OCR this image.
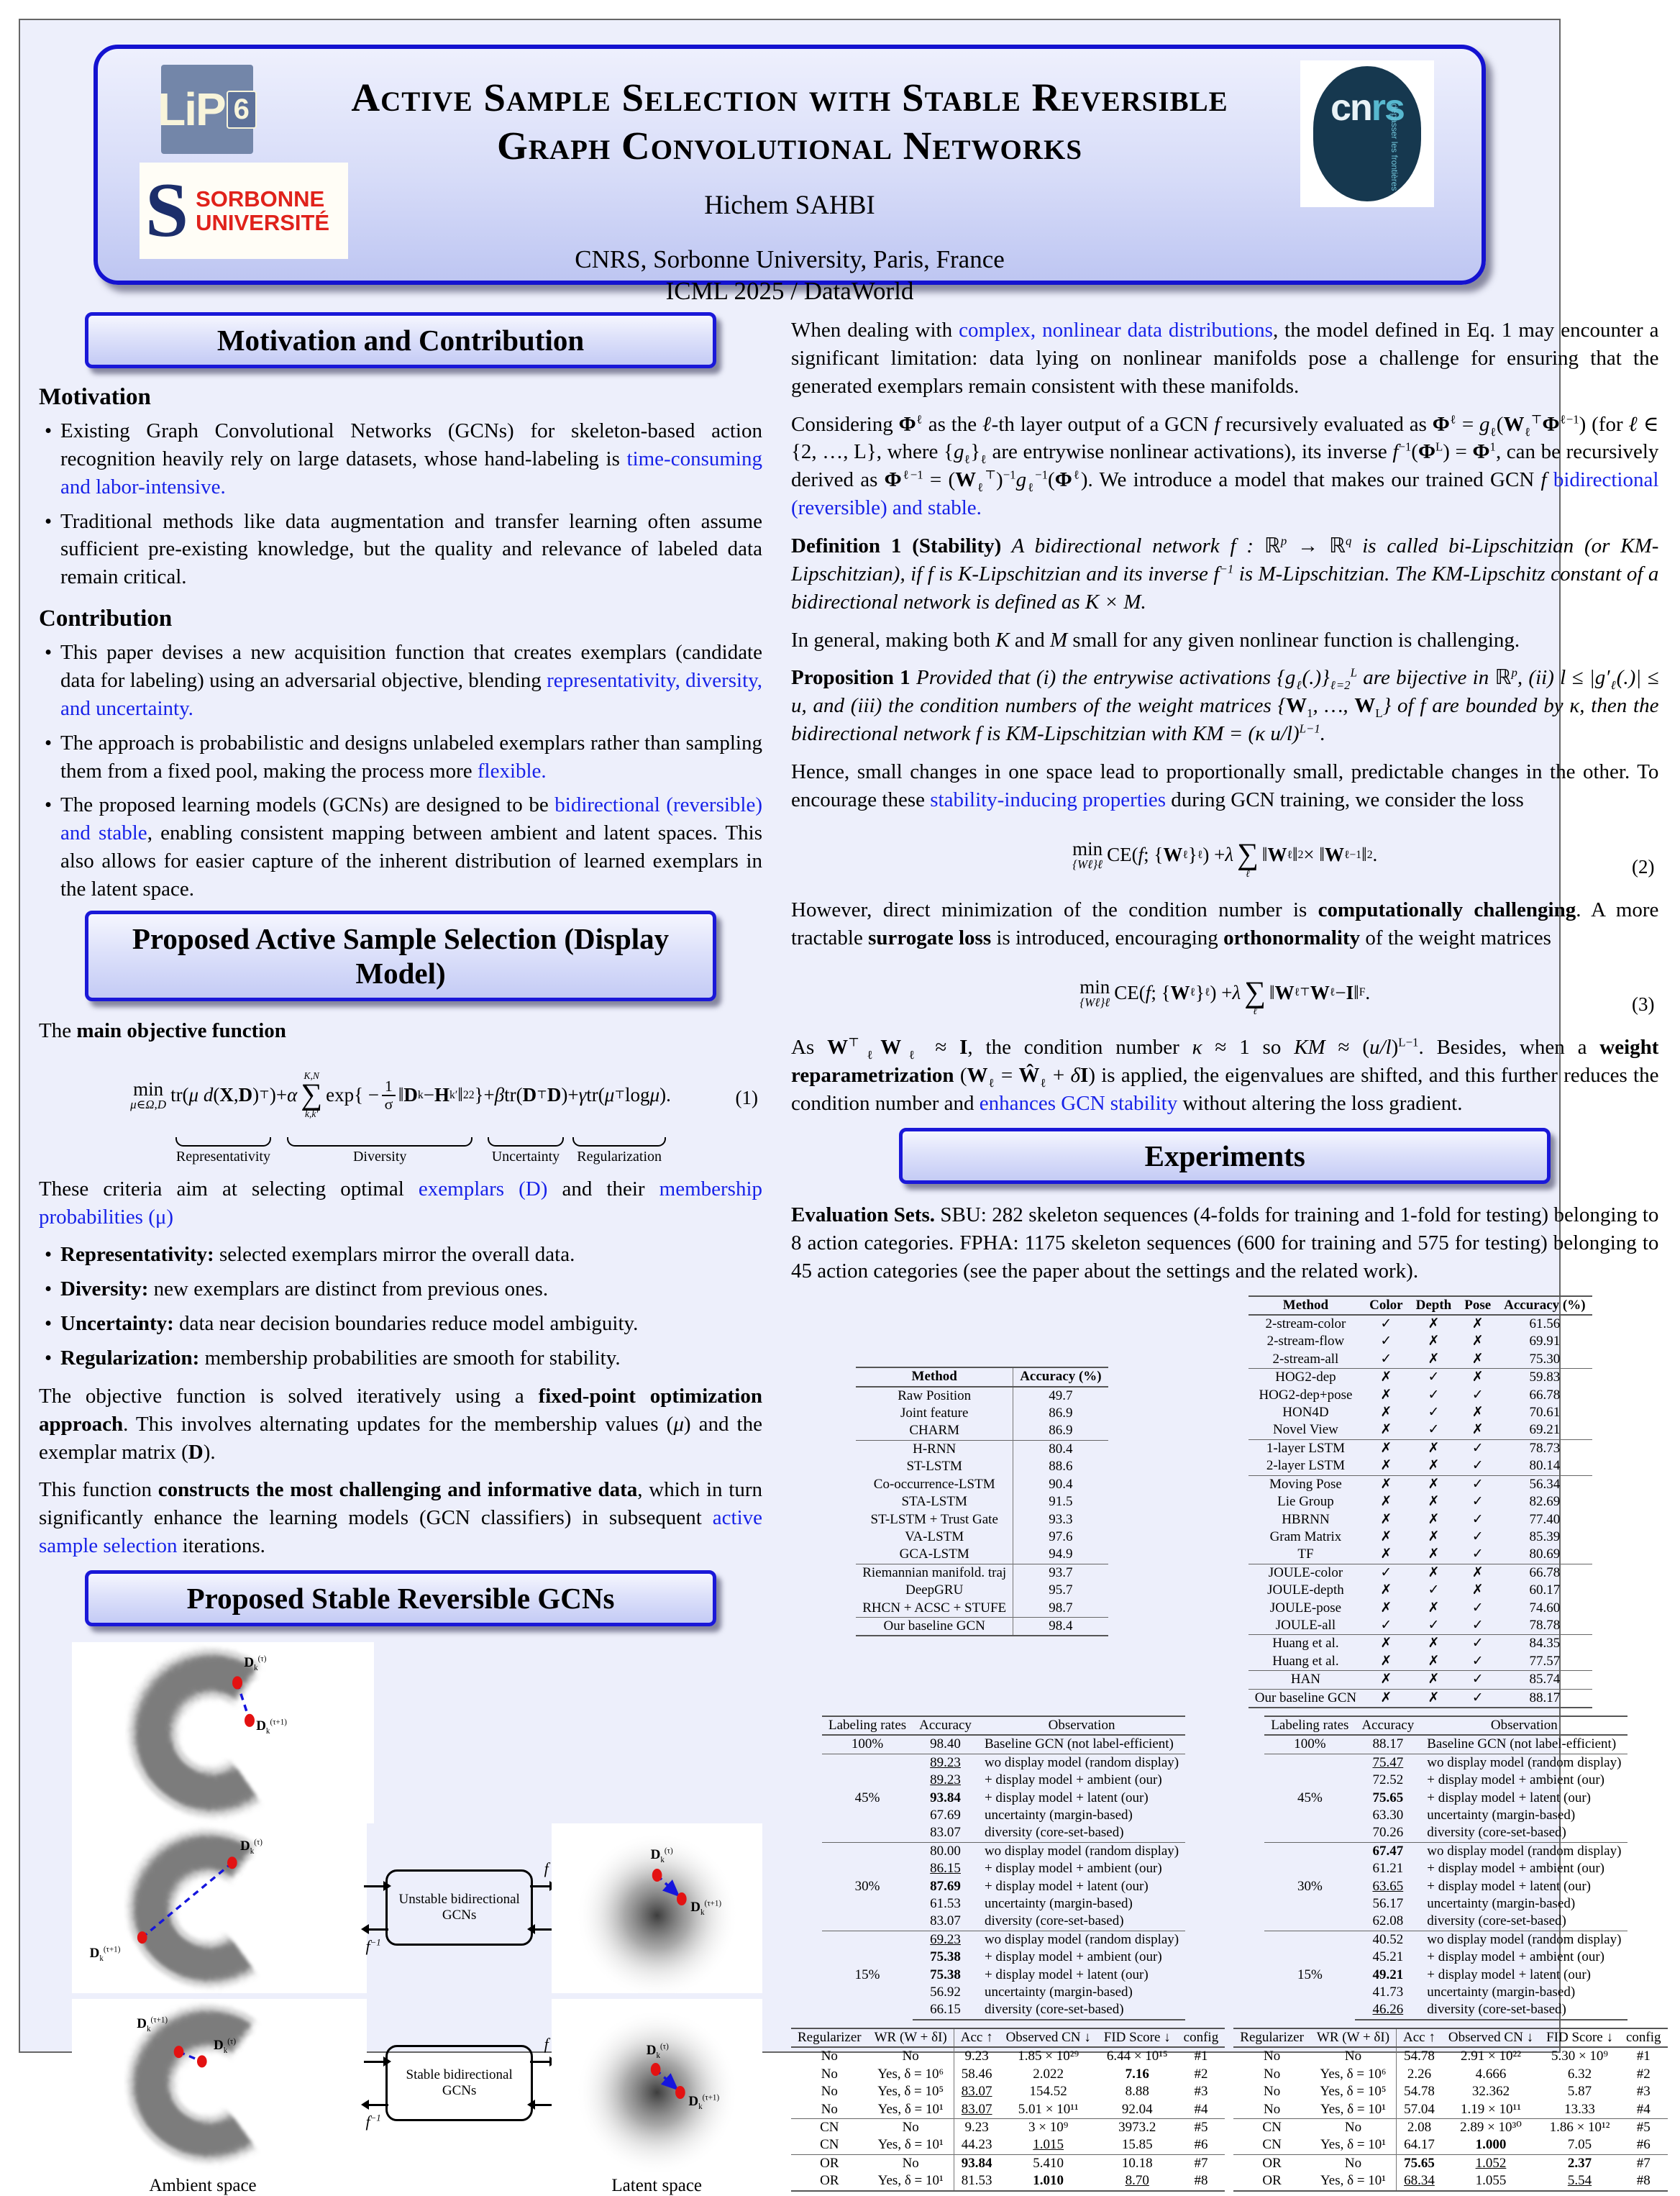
LiP 6
S SORBONNE
UNIVERSITÉ
cnrs
dépasser les frontières
Active Sample Selection with Stable Reversible
Graph Convolutional Networks
Hichem SAHBI
CNRS, Sorbonne University, Paris, France
ICML 2025 / DataWorld
Motivation and Contribution
Motivation
• Existing Graph Convolutional Networks (GCNs) for skeleton-based action recognition heavily rely on large datasets, whose hand-labeling is time-consuming and labor-intensive.
• Traditional methods like data augmentation and transfer learning often assume sufficient pre-existing knowledge, but the quality and relevance of labeled data remain critical.
Contribution
• This paper devises a new acquisition function that creates exemplars (candidate data for labeling) using an adversarial objective, blending representativity, diversity, and uncertainty.
• The approach is probabilistic and designs unlabeled exemplars rather than sampling them from a fixed pool, making the process more flexible.
• The proposed learning models (GCNs) are designed to be bidirectional (reversible) and stable, enabling consistent mapping between ambient and latent spaces. This also allows for easier capture of the inherent distribution of learned exemplars in the latent space.
Proposed Active Sample Selection (Display Model)
The main objective function
min
μ∈Ω,D tr( μ d ( X , D ) ⊤ )
Representativity
+ α
K,N
∑
k,k′
$\exp\{ - \frac{1}{\sigma}$ ‖ D k − H k′ ‖ 2 2 }
Diversity
+ β tr( D ⊤ D )
Uncertainty
+ γ tr( μ ⊤ log μ ).
Regularization
(1)
These criteria aim at selecting optimal exemplars (D) and their membership probabilities (μ)
• Representativity: selected exemplars mirror the overall data.
• Diversity: new exemplars are distinct from previous ones.
• Uncertainty: data near decision boundaries reduce model ambiguity.
• Regularization: membership probabilities are smooth for stability.
The objective function is solved iteratively using a fixed-point optimization approach. This involves alternating updates for the membership values (μ) and the exemplar matrix (D).
This function constructs the most challenging and informative data, which in turn significantly enhance the learning models (GCN classifiers) in subsequent active sample selection iterations.
Proposed Stable Reversible GCNs
$D_k^{(\tau)}$
$D_k^{(\tau+1)}$
$D_k^{(\tau)}$
$D_k^{(\tau+1)}$
Unstable bidirectional GCNs
f
$f^{-1}$
$D_k^{(\tau)}$
$D_k^{(\tau+1)}$
$D_k^{(\tau+1)}$
$D_k^{(\tau)}$
Stable bidirectional GCNs
f
$f^{-1}$
$D_k^{(\tau)}$
$D_k^{(\tau+1)}$
Ambient space	Latent space
When dealing with complex, nonlinear data distributions, the model defined in Eq. 1 may encounter a significant limitation: data lying on nonlinear manifolds pose a challenge for ensuring that the generated exemplars remain consistent with these manifolds.
Considering $\Phi^\ell$ as the ℓ-th layer output of a GCN f recursively evaluated as $\Phi^\ell = g_\ell(W_\ell^⊤\Phi^{\ell-1})$ (for ℓ ∈ {2, …, L}, where $\{g_\ell\}_\ell$ are entrywise nonlinear activations), its inverse $f^{-1}(\Phi^L) = \Phi^1$, can be recursively derived as $\Phi^{\ell-1} = (W_\ell^⊤)^{-1}g_\ell^{-1}(\Phi^\ell)$. We introduce a model that makes our trained GCN f bidirectional (reversible) and stable.
Definition 1 (Stability) A bidirectional network f : ℝ$^p$ → ℝ$^q$ is called bi-Lipschitzian (or KM-Lipschitzian), if f is K-Lipschitzian and its inverse $f^{-1}$ is M-Lipschitzian. The KM-Lipschitz constant of a bidirectional network is defined as K × M.
In general, making both K and M small for any given nonlinear function is challenging.
Proposition 1 Provided that (i) the entrywise activations $\{g_\ell(.)\}_{\ell=2}^L$ are bijective in ℝ$^p$, (ii) $l \le |g'_\ell(.)| \le u$, and (iii) the condition numbers of the weight matrices {$W_1$, …, $W_L$} of f are bounded by κ, then the bidirectional network f is KM-Lipschitzian with KM = (κ u/l)$^{L-1}$.
Hence, small changes in one space lead to proportionally small, predictable changes in the other. To encourage these stability-inducing properties during GCN training, we consider the loss
min
{Wℓ}ℓ CE( f ; { W ℓ } ℓ ) + λ
∑
ℓ
‖ W ℓ ‖ 2 × ‖ W ℓ −1 ‖ 2 .
(2)
However, direct minimization of the condition number is computationally challenging. A more tractable surrogate loss is introduced, encouraging orthonormality of the weight matrices
min
{Wℓ}ℓ CE( f ; { W ℓ } ℓ ) + λ
∑
ℓ
‖ W ℓ ⊤ W ℓ − I ‖ F .
(3)
As $W^⊤_\ell W_\ell \approx I$, the condition number κ ≈ 1 so KM ≈ $(u/l)^{L-1}$. Besides, when a weight reparametrization ($W_\ell$ = $Ŵ_\ell + \delta I$) is applied, the eigenvalues are shifted, and this further reduces the condition number and enhances GCN stability without altering the loss gradient.
Experiments
Evaluation Sets. SBU: 282 skeleton sequences (4-folds for training and 1-fold for testing) belonging to 8 action categories. FPHA: 1175 skeleton sequences (600 for training and 575 for testing) belonging to 45 action categories (see the paper about the settings and the related work).
Method	Accuracy (%)
Raw Position	49.7
Joint feature	86.9
CHARM	86.9
H-RNN	80.4
ST-LSTM	88.6
Co-occurrence-LSTM	90.4
STA-LSTM	91.5
ST-LSTM + Trust Gate	93.3
VA-LSTM	97.6
GCA-LSTM	94.9
Riemannian manifold. traj	93.7
DeepGRU	95.7
RHCN + ACSC + STUFE	98.7
Our baseline GCN	98.4
Method	Color	Depth	Pose	Accuracy (%)
2-stream-color	✓	✗	✗	61.56
2-stream-flow	✓	✗	✗	69.91
2-stream-all	✓	✗	✗	75.30
HOG2-dep	✗	✓	✗	59.83
HOG2-dep+pose	✗	✓	✓	66.78
HON4D	✗	✓	✗	70.61
Novel View	✗	✓	✗	69.21
1-layer LSTM	✗	✗	✓	78.73
2-layer LSTM	✗	✗	✓	80.14
Moving Pose	✗	✗	✓	56.34
Lie Group	✗	✗	✓	82.69
HBRNN	✗	✗	✓	77.40
Gram Matrix	✗	✗	✓	85.39
TF	✗	✗	✓	80.69
JOULE-color	✓	✗	✗	66.78
JOULE-depth	✗	✓	✗	60.17
JOULE-pose	✗	✗	✓	74.60
JOULE-all	✓	✓	✓	78.78
Huang et al.	✗	✗	✓	84.35
Huang et al.	✗	✗	✓	77.57
HAN	✗	✗	✓	85.74
Our baseline GCN	✗	✗	✓	88.17
Labeling rates	Accuracy	Observation
100%	98.40	Baseline GCN (not label-efficient)
45%	89.23	wo display model (random display)
	89.23	+ display model + ambient (our)
	93.84	+ display model + latent (our)
	67.69	uncertainty (margin-based)
	83.07	diversity (core-set-based)
30%	80.00	wo display model (random display)
	86.15	+ display model + ambient (our)
	87.69	+ display model + latent (our)
	61.53	uncertainty (margin-based)
	83.07	diversity (core-set-based)
15%	69.23	wo display model (random display)
	75.38	+ display model + ambient (our)
	75.38	+ display model + latent (our)
	56.92	uncertainty (margin-based)
	66.15	diversity (core-set-based)
Labeling rates	Accuracy	Observation
100%	88.17	Baseline GCN (not label-efficient)
45%	75.47	wo display model (random display)
	72.52	+ display model + ambient (our)
	75.65	+ display model + latent (our)
	63.30	uncertainty (margin-based)
	70.26	diversity (core-set-based)
30%	67.47	wo display model (random display)
	61.21	+ display model + ambient (our)
	63.65	+ display model + latent (our)
	56.17	uncertainty (margin-based)
	62.08	diversity (core-set-based)
15%	40.52	wo display model (random display)
	45.21	+ display model + ambient (our)
	49.21	+ display model + latent (our)
	41.73	uncertainty (margin-based)
	46.26	diversity (core-set-based)
Regularizer	WR (W + δI)	Acc ↑	Observed CN ↓	FID Score ↓	config
No	No	9.23	1.85 × 10²⁹	6.44 × 10¹⁵	#1
No	Yes, δ = 10⁶	58.46	2.022	7.16	#2
No	Yes, δ = 10⁵	83.07	154.52	8.88	#3
No	Yes, δ = 10¹	83.07	5.01 × 10¹¹	92.04	#4
CN	No	9.23	3 × 10⁹	3973.2	#5
CN	Yes, δ = 10¹	44.23	1.015	15.85	#6
OR	No	93.84	5.410	10.18	#7
OR	Yes, δ = 10¹	81.53	1.010	8.70	#8
Regularizer	WR (W + δI)	Acc ↑	Observed CN ↓	FID Score ↓	config
No	No	54.78	2.91 × 10²²	5.30 × 10⁹	#1
No	Yes, δ = 10⁶	2.26	4.666	6.32	#2
No	Yes, δ = 10⁵	54.78	32.362	5.87	#3
No	Yes, δ = 10¹	57.04	1.19 × 10¹¹	13.33	#4
CN	No	2.08	2.89 × 10³⁰	1.86 × 10¹²	#5
CN	Yes, δ = 10¹	64.17	1.000	7.05	#6
OR	No	75.65	1.052	2.37	#7
OR	Yes, δ = 10¹	68.34	1.055	5.54	#8
